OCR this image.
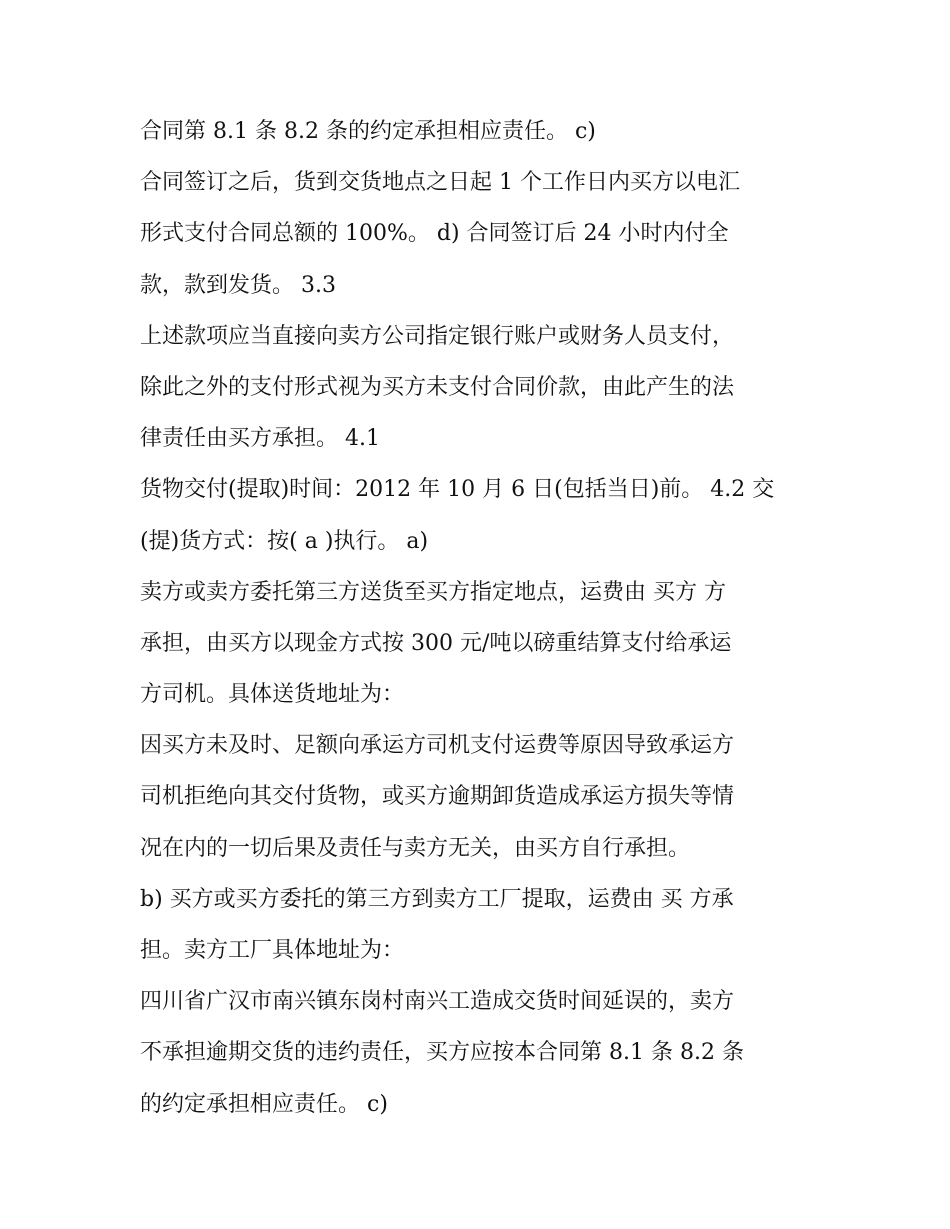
合同第 8.1 条 8.2 条的约定承担相应责任。 c)
合同签订之后，货到交货地点之日起 1 个工作日内买方以电汇
形式支付合同总额的 100%。 d) 合同签订后 24 小时内付全
款，款到发货。 3.3
上述款项应当直接向卖方公司指定银行账户或财务人员支付，
除此之外的支付形式视为买方未支付合同价款，由此产生的法
律责任由买方承担。 4.1
货物交付(提取)时间：2012 年 10 月 6 日(包括当日)前。 4.2 交
(提)货方式：按( a )执行。 a)
卖方或卖方委托第三方送货至买方指定地点，运费由 买方 方
承担，由买方以现金方式按 300 元/吨以磅重结算支付给承运
方司机。具体送货地址为：
因买方未及时、足额向承运方司机支付运费等原因导致承运方
司机拒绝向其交付货物，或买方逾期卸货造成承运方损失等情
况在内的一切后果及责任与卖方无关，由买方自行承担。
b) 买方或买方委托的第三方到卖方工厂提取，运费由 买 方承
担。卖方工厂具体地址为：
四川省广汉市南兴镇东岗村南兴工造成交货时间延误的，卖方
不承担逾期交货的违约责任，买方应按本合同第 8.1 条 8.2 条
的约定承担相应责任。 c)
